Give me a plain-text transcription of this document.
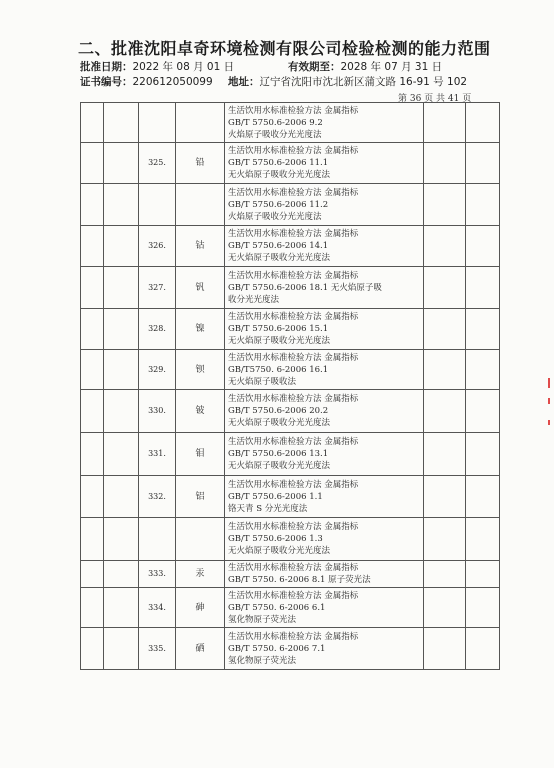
二、批准沈阳卓奇环境检测有限公司检验检测的能力范围
批准日期：2022 年 08 月 01 日	有效期至：2028 年 07 月 31 日
证书编号：220612050099 地址：辽宁省沈阳市沈北新区蒲文路 16-91 号 102
第 36 页 共 41 页

				生活饮用水标准检验方法 金属指标
GB/T 5750.6-2006 9.2
火焰原子吸收分光光度法		

		325.	铅	生活饮用水标准检验方法 金属指标
GB/T 5750.6-2006 11.1
无火焰原子吸收分光光度法		

				生活饮用水标准检验方法 金属指标
GB/T 5750.6-2006 11.2
火焰原子吸收分光光度法		

		326.	钴	生活饮用水标准检验方法 金属指标
GB/T 5750.6-2006 14.1
无火焰原子吸收分光光度法		

		327.	钒	生活饮用水标准检验方法 金属指标
GB/T 5750.6-2006 18.1 无火焰原子吸
收分光光度法		

		328.	镍	生活饮用水标准检验方法 金属指标
GB/T 5750.6-2006 15.1
无火焰原子吸收分光光度法		

		329.	钡	生活饮用水标准检验方法 金属指标
GB/T5750. 6-2006 16.1
无火焰原子吸收法		

		330.	铍	生活饮用水标准检验方法 金属指标
GB/T 5750.6-2006 20.2
无火焰原子吸收分光光度法		

		331.	钼	生活饮用水标准检验方法 金属指标
GB/T 5750.6-2006 13.1
无火焰原子吸收分光光度法		

		332.	铝	生活饮用水标准检验方法 金属指标
GB/T 5750.6-2006 1.1
铬天青 S 分光光度法		

				生活饮用水标准检验方法 金属指标
GB/T 5750.6-2006 1.3
无火焰原子吸收分光光度法		

		333.	汞	生活饮用水标准检验方法 金属指标
GB/T 5750. 6-2006 8.1 原子荧光法		

		334.	砷	生活饮用水标准检验方法 金属指标
GB/T 5750. 6-2006 6.1
氢化物原子荧光法		

		335.	硒	生活饮用水标准检验方法 金属指标
GB/T 5750. 6-2006 7.1
氢化物原子荧光法		
